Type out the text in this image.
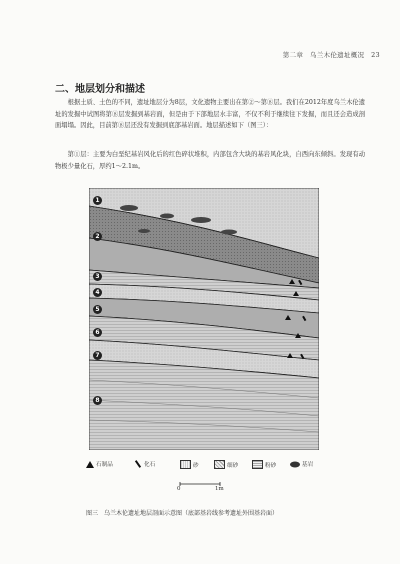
第二章　乌兰木伦遗址概况　23
二、地层划分和描述
根据土质、土色的不同，遗址地层分为8层，文化遗物主要出在第②～第⑧层。我们在2012年度乌兰木伦遗址的发掘中试图将第⑧层发掘到基岩面，但是由于下部地层水丰富，不仅不利于继续往下发掘，而且还会造成剖面塌塌。因此，目前第⑧层还没有发掘到底部基岩面。地层描述如下（图三）：
第①层：主要为白垩纪基岩风化后的红色碎状堆积，内部包含大块的基岩风化块，自西向东倾斜。发现有动物极少量化石，厚约1～2.1m。
1
2
3
4
5
6
7
8
石制品	化石	砂	细砂	粉砂	基岩
0	1m
图三　乌兰木伦遗址地层剖面示意图（底部基岩线参考遗址外围基岩面）
